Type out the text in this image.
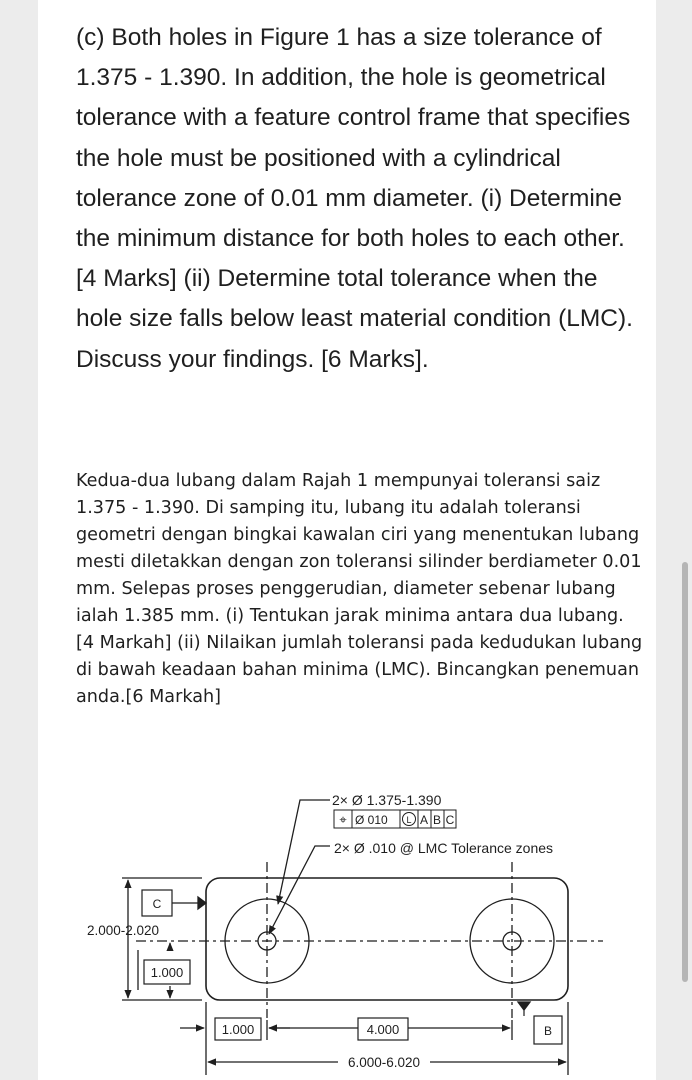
(c) Both holes in Figure 1 has a size tolerance of 1.375 - 1.390. In addition, the hole is geometrical tolerance with a feature control frame that specifies the hole must be positioned with a cylindrical tolerance zone of 0.01 mm diameter. (i) Determine the minimum distance for both holes to each other. [4 Marks] (ii) Determine total tolerance when the hole size falls below least material condition (LMC). Discuss your findings. [6 Marks].

Kedua-dua lubang dalam Rajah 1 mempunyai toleransi saiz 1.375 - 1.390. Di samping itu, lubang itu adalah toleransi geometri dengan bingkai kawalan ciri yang menentukan lubang mesti diletakkan dengan zon toleransi silinder berdiameter 0.01 mm. Selepas proses penggerudian, diameter sebenar lubang ialah 1.385 mm. (i) Tentukan jarak minima antara dua lubang. [4 Markah] (ii) Nilaikan jumlah toleransi pada kedudukan lubang di bawah keadaan bahan minima (LMC). Bincangkan penemuan anda.[6 Markah]

2× Ø 1.375-1.390
⌖ Ø 010 L A B C
2× Ø .010 @ LMC Tolerance zones
C
2.000-2.020
1.000
1.000	4.000	B
6.000-6.020
